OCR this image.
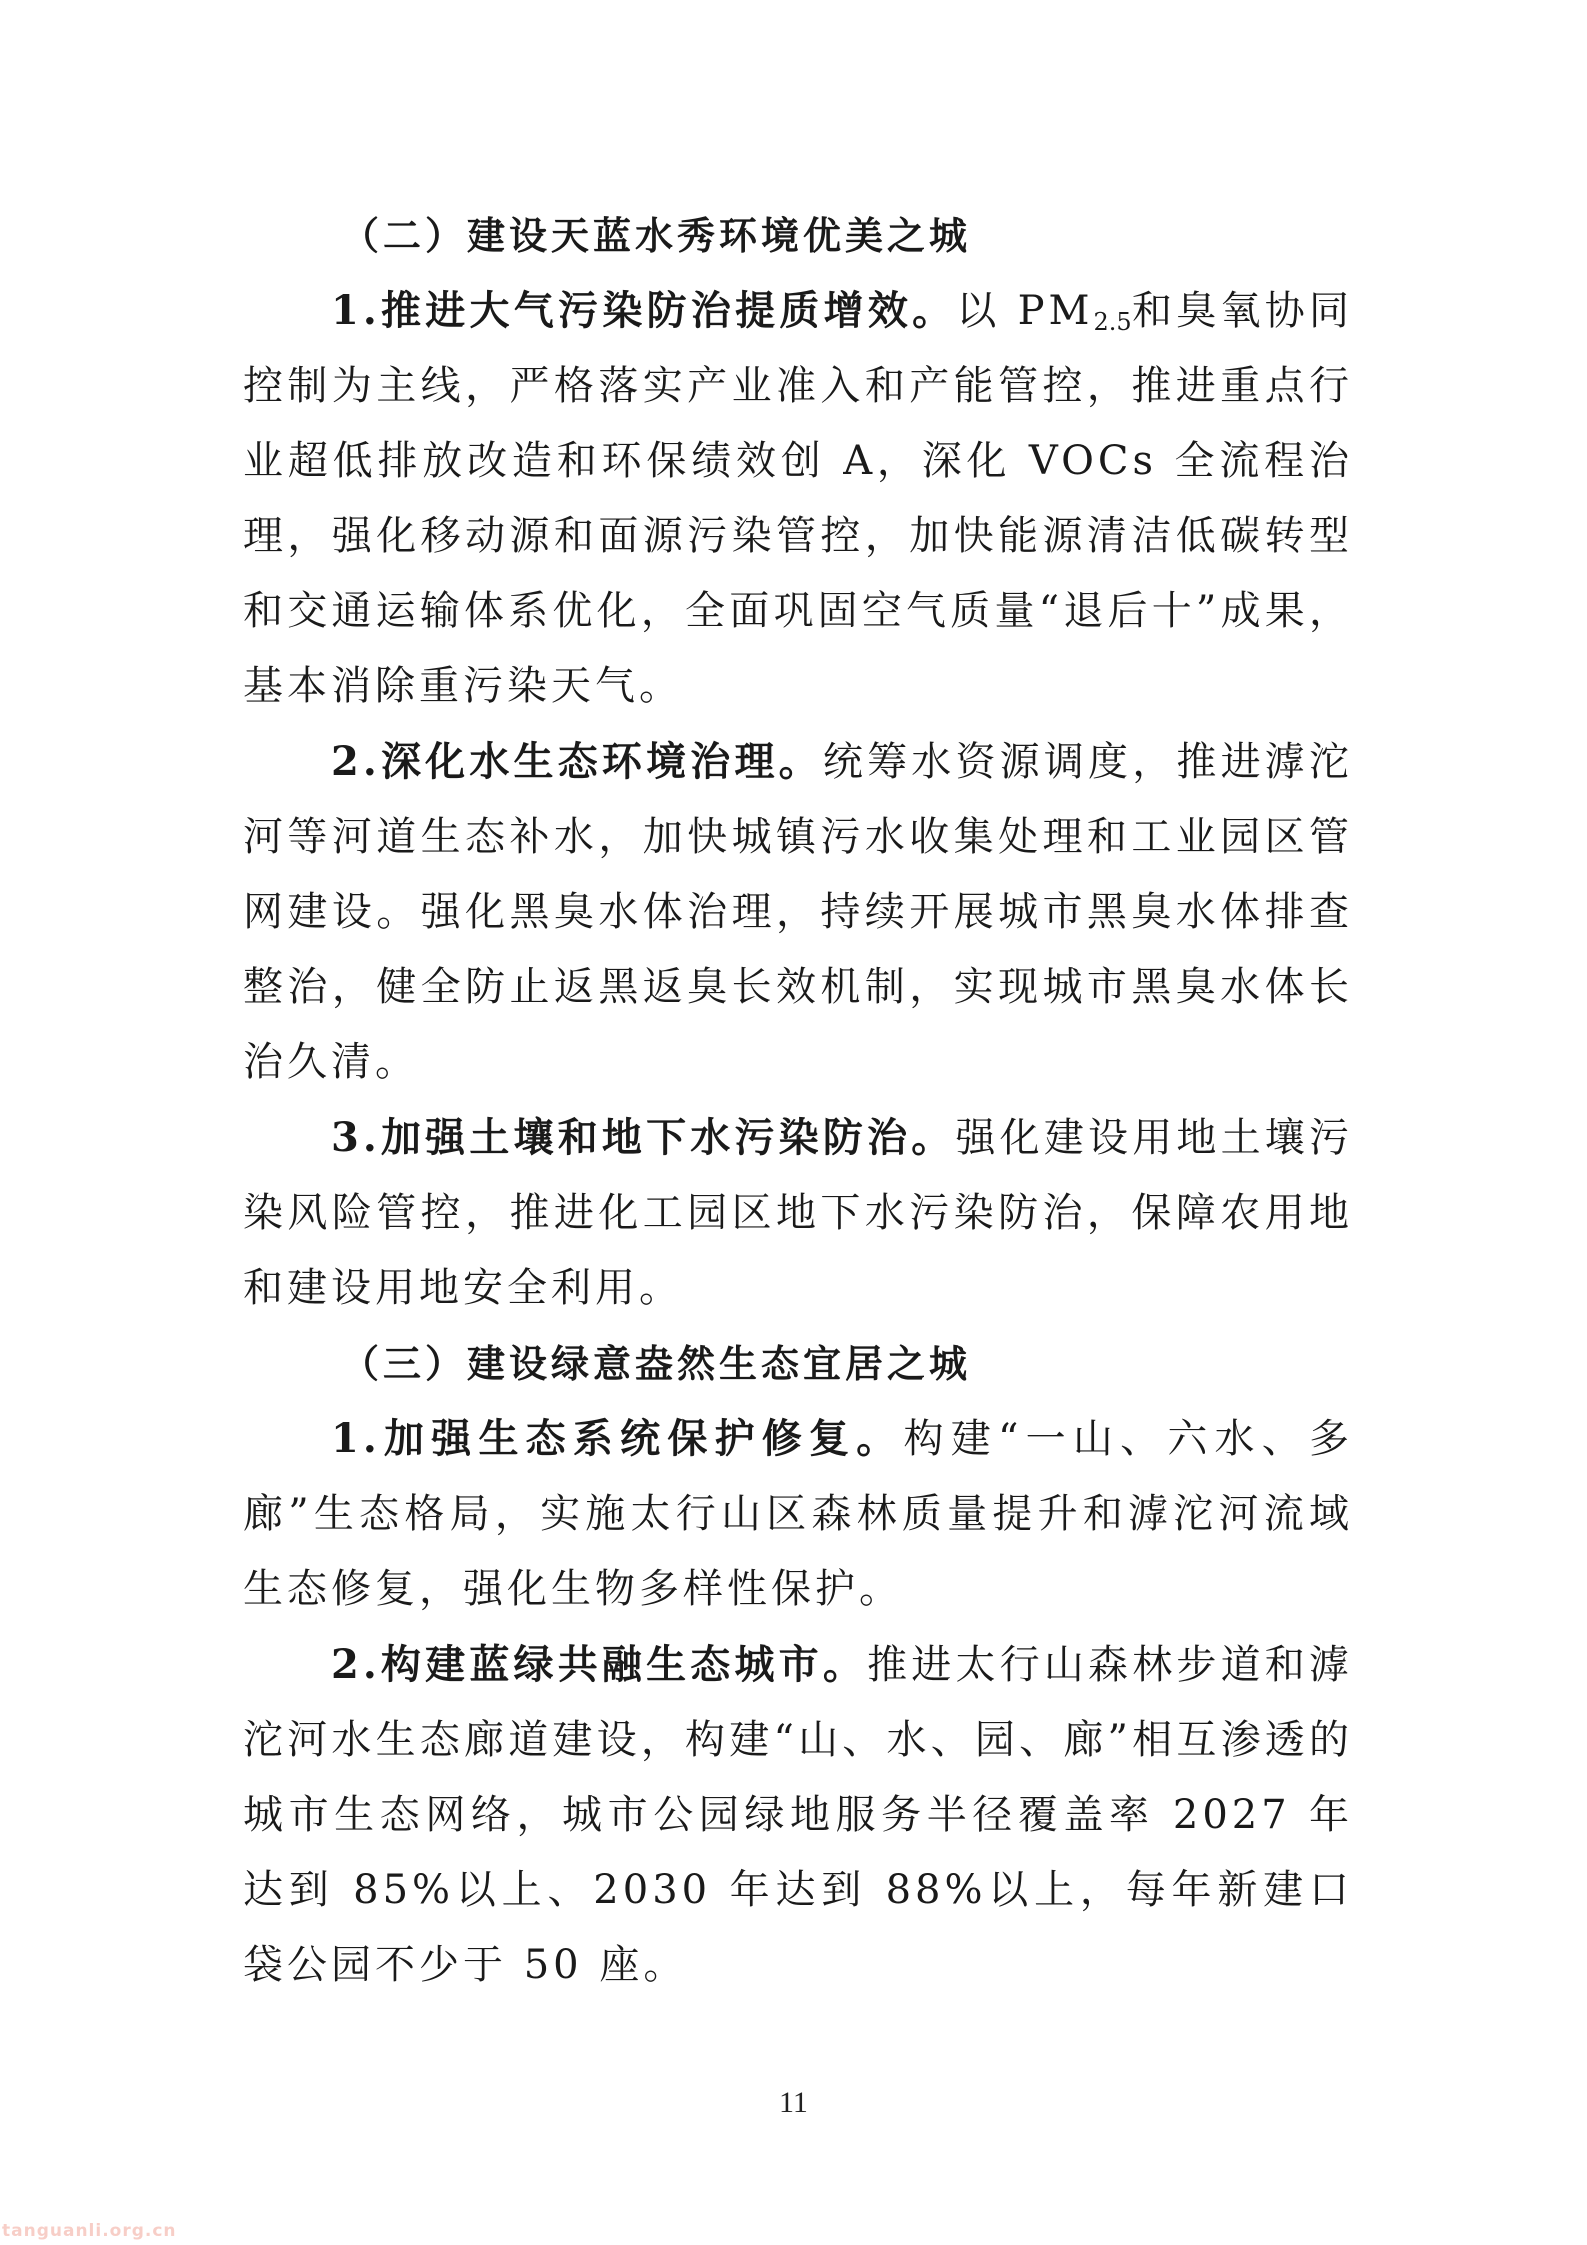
（二）建设天蓝水秀环境优美之城

1.推进大气污染防治提质增效。以 $PM_{2.5}$和臭氧协同控制为主线，严格落实产业准入和产能管控，推进重点行业超低排放改造和环保绩效创 A，深化 VOCs 全流程治理，强化移动源和面源污染管控，加快能源清洁低碳转型和交通运输体系优化，全面巩固空气质量“退后十”成果，基本消除重污染天气。

2.深化水生态环境治理。统筹水资源调度，推进滹沱河等河道生态补水，加快城镇污水收集处理和工业园区管网建设。强化黑臭水体治理，持续开展城市黑臭水体排查整治，健全防止返黑返臭长效机制，实现城市黑臭水体长治久清。

3.加强土壤和地下水污染防治。强化建设用地土壤污染风险管控，推进化工园区地下水污染防治，保障农用地和建设用地安全利用。

（三）建设绿意盎然生态宜居之城

1.加强生态系统保护修复。构建“一山、六水、多廊”生态格局，实施太行山区森林质量提升和滹沱河流域生态修复，强化生物多样性保护。

2.构建蓝绿共融生态城市。推进太行山森林步道和滹沱河水生态廊道建设，构建“山、水、园、廊”相互渗透的城市生态网络，城市公园绿地服务半径覆盖率 2027 年达到 85%以上、2030 年达到 88%以上，每年新建口袋公园不少于 50 座。

11
tanguanli.org.cn
